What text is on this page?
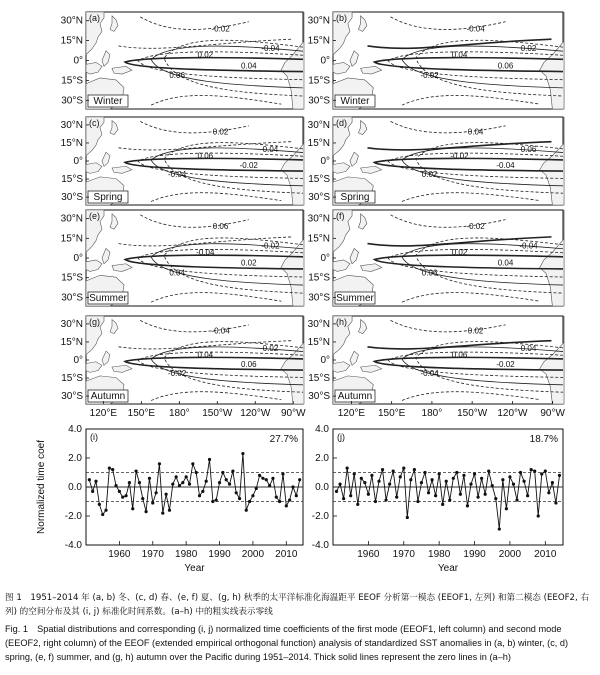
0.02
0.04
0.06
-0.02
-0.04
(a)
Winter
30°N
15°N
0°
15°S
30°S
0.04
0.06
-0.02
-0.04
0.02
(b)
Winter
30°N
15°N
0°
15°S
30°S
0.06
-0.02
-0.04
0.02
0.04
(c)
Spring
30°N
15°N
0°
15°S
30°S
-0.02
-0.04
0.02
0.04
0.06
(d)
Spring
30°N
15°N
0°
15°S
30°S
-0.04
0.02
0.04
0.06
-0.02
(e)
Summer
30°N
15°N
0°
15°S
30°S
0.02
0.04
0.06
-0.02
-0.04
(f)
Summer
30°N
15°N
0°
15°S
30°S
0.04
0.06
-0.02
-0.04
0.02
(g)
Autumn
30°N
15°N
0°
15°S
30°S
120°E 150°E 180° 150°W 120°W 90°W
0.06
-0.02
-0.04
0.02
0.04
(h)
Autumn
30°N
15°N
0°
15°S
30°S
120°E 150°E 180° 150°W 120°W 90°W
Normalized time coef
4.0
2.0
0.0
-2.0
-4.0
1960 1970 1980 1990 2000 2010
Year
(i)	27.7%
4.0
2.0
0.0
-2.0
-4.0
1960 1970 1980 1990 2000 2010
Year
(j)	18.7%

图 1　1951–2014 年 (a, b) 冬、(c, d) 春、(e, f) 夏、(g, h) 秋季的太平洋标准化海温距平 EEOF 分析第一模态 (EEOF1, 左列) 和第二模态 (EEOF2, 右列) 的空间分布及其 (i, j) 标准化时间系数。(a–h) 中的粗实线表示零线

Fig. 1　Spatial distributions and corresponding (i, j) normalized time coefficients of the first mode (EEOF1, left column) and second mode (EEOF2, right column) of the EEOF (extended empirical orthogonal function) analysis of standardized SST anomalies in (a, b) winter, (c, d) spring, (e, f) summer, and (g, h) autumn over the Pacific during 1951–2014. Thick solid lines represent the zero lines in (a–h)
